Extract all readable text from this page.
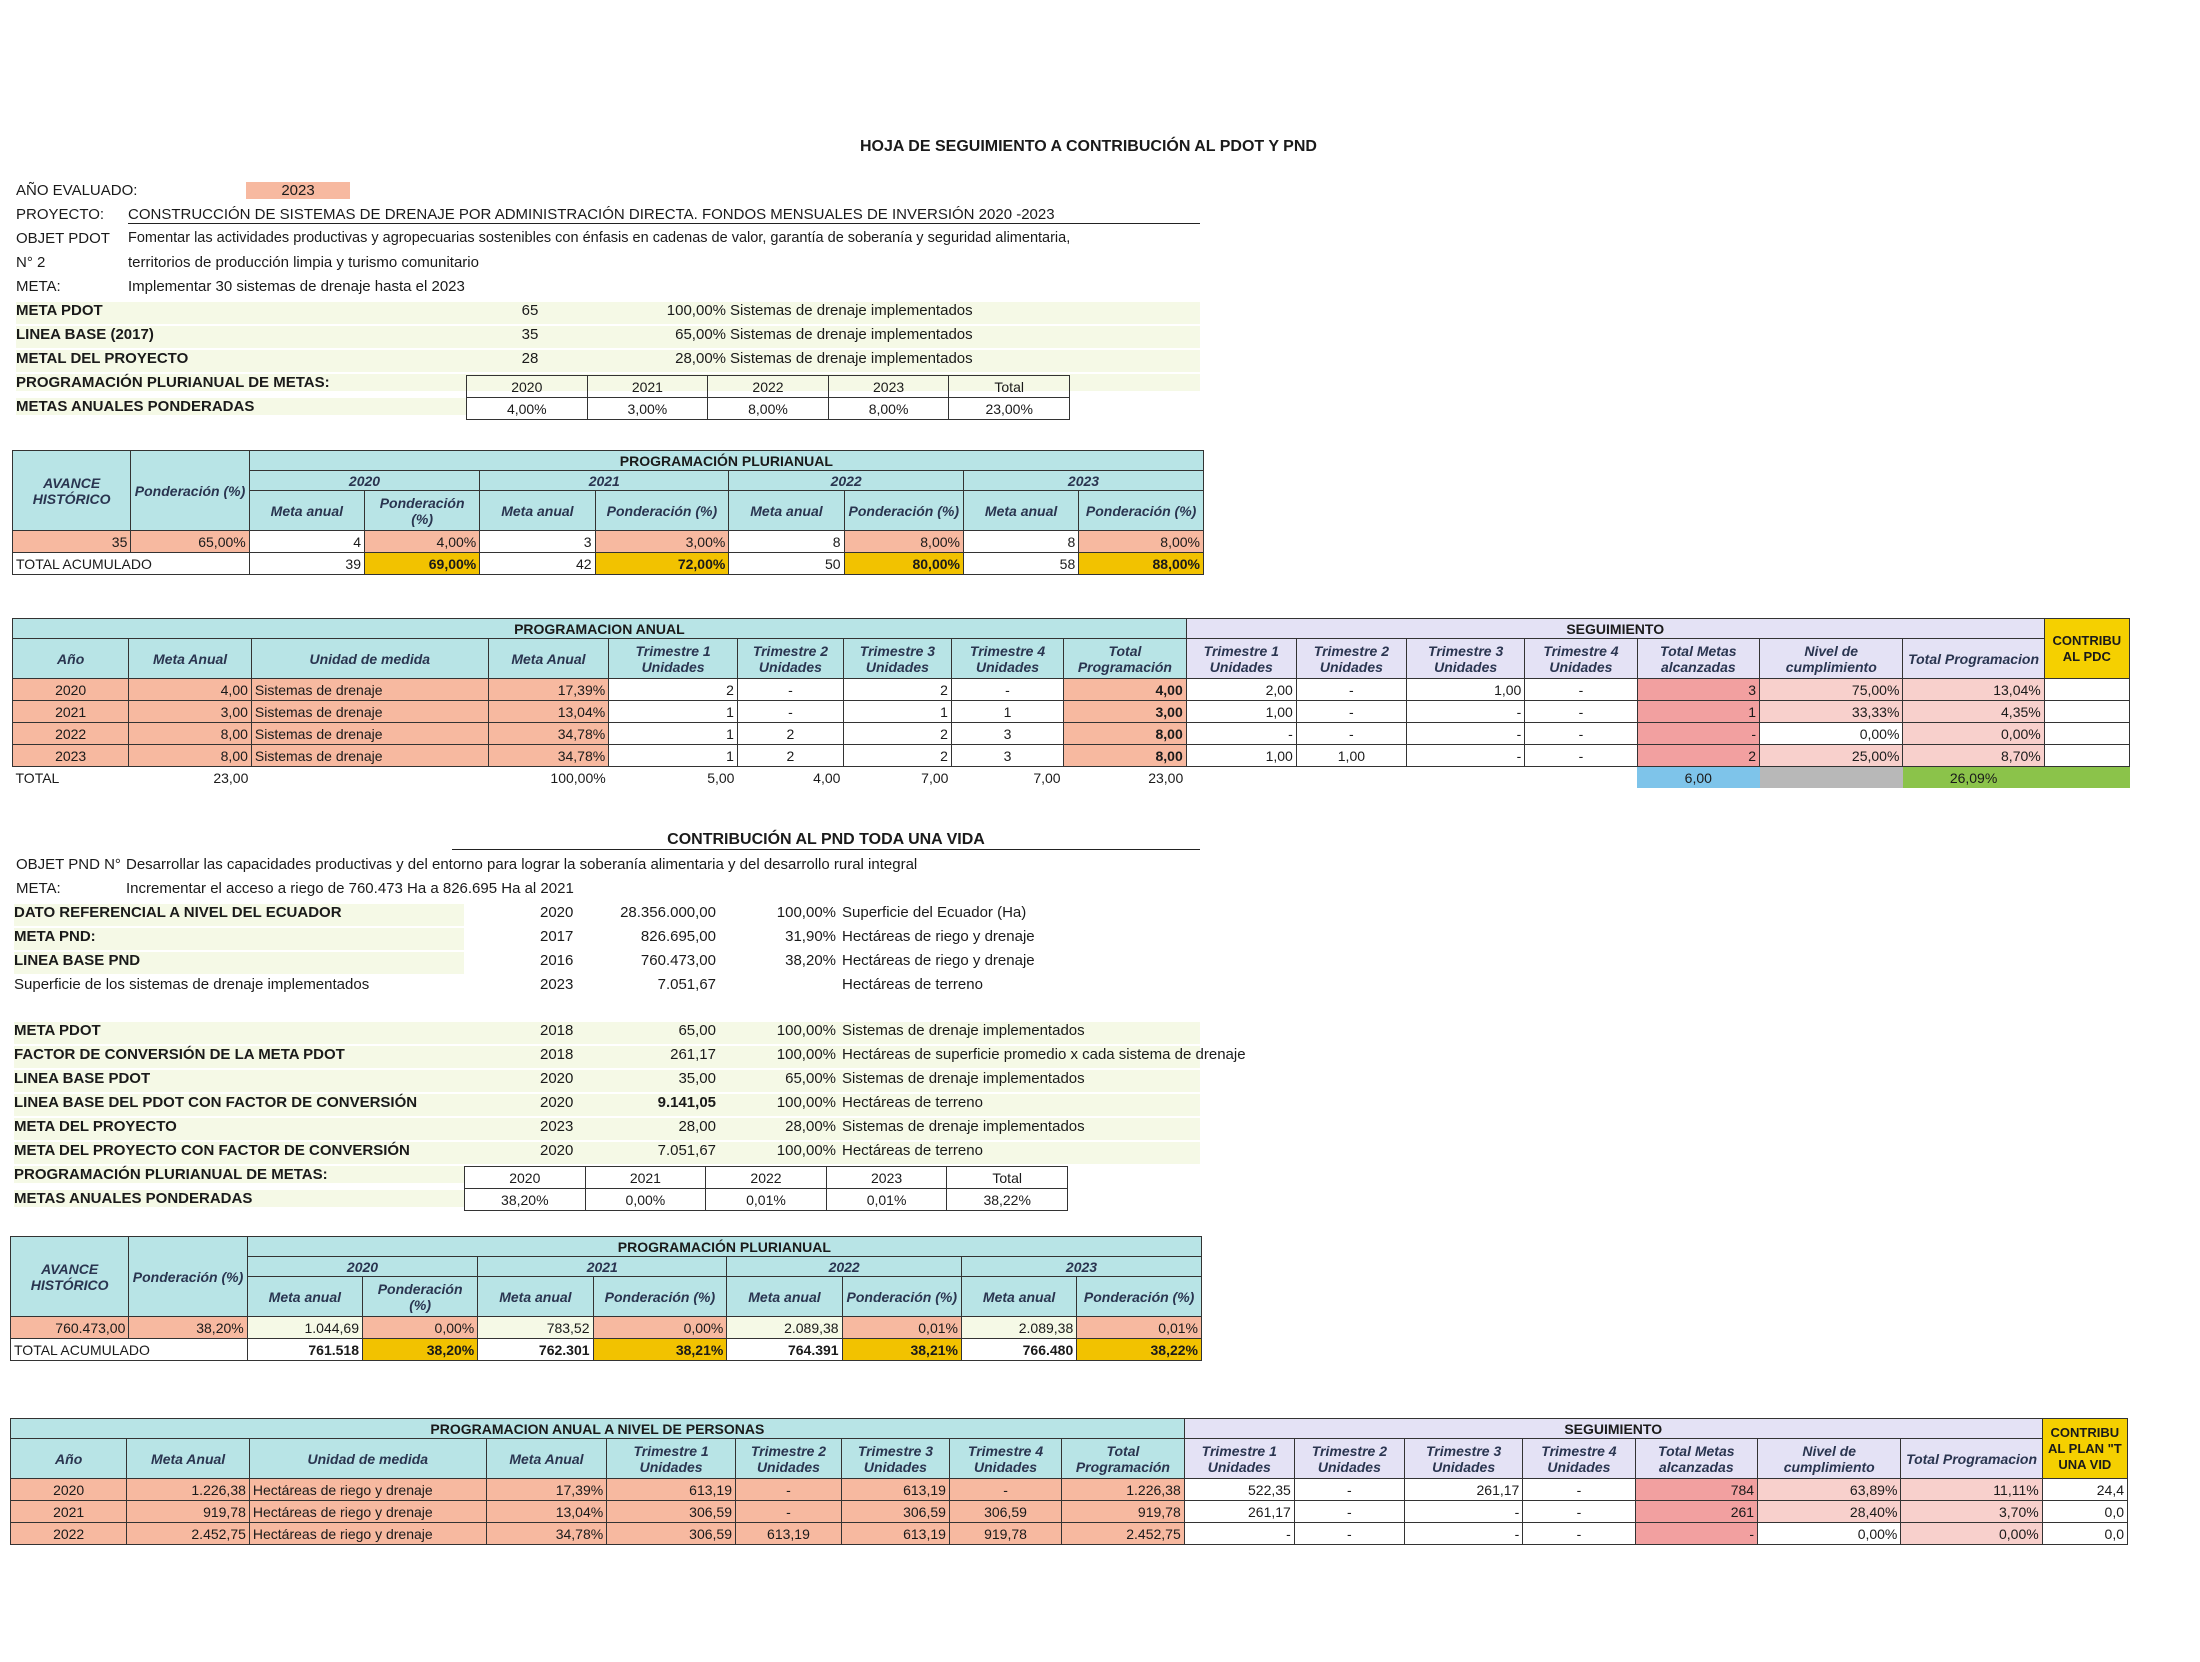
HOJA DE SEGUIMIENTO A CONTRIBUCIÓN AL PDOT Y PND
AÑO EVALUADO:	2023
PROYECTO: CONSTRUCCIÓN DE SISTEMAS DE DRENAJE POR ADMINISTRACIÓN DIRECTA. FONDOS MENSUALES DE INVERSIÓN 2020 -2023
OBJET PDOT Fomentar las actividades productivas y agropecuarias sostenibles con énfasis en cadenas de valor, garantía de soberanía y seguridad alimentaria,
N° 2	territorios de producción limpia y turismo comunitario
META:	Implementar 30 sistemas de drenaje hasta el 2023
META PDOT	65	100,00% Sistemas de drenaje implementados
LINEA BASE (2017)	35	65,00% Sistemas de drenaje implementados
METAL DEL PROYECTO	28	28,00% Sistemas de drenaje implementados
PROGRAMACIÓN PLURIANUAL DE METAS:
METAS ANUALES PONDERADAS
2020	2021	2022	2023	Total
4,00%	3,00%	8,00%	8,00%	23,00%
AVANCE HISTÓRICO	Ponderación (%)	PROGRAMACIÓN PLURIANUAL							
		2020		2021		2022		2023	
		Meta anual	Ponderación (%)	Meta anual	Ponderación (%)	Meta anual	Ponderación (%)	Meta anual	Ponderación (%)
35	65,00%	4	4,00%	3	3,00%	8	8,00%	8	8,00%
TOTAL ACUMULADO		39	69,00%	42	72,00%	50	80,00%	58	88,00%
PROGRAMACION ANUAL									SEGUIMIENTO							CONTRIBU AL PDC
Año	Meta Anual	Unidad de medida	Meta Anual	Trimestre 1 Unidades	Trimestre 2 Unidades	Trimestre 3 Unidades	Trimestre 4 Unidades	Total Programación	Trimestre 1 Unidades	Trimestre 2 Unidades	Trimestre 3 Unidades	Trimestre 4 Unidades	Total Metas alcanzadas	Nivel de cumplimiento	Total Programacion	
2020	4,00	Sistemas de drenaje	17,39%	2	-	2	-	4,00	2,00	-	1,00	-	3	75,00%	13,04%	
2021	3,00	Sistemas de drenaje	13,04%	1	-	1	1	3,00	1,00	-	-	-	1	33,33%	4,35%	
2022	8,00	Sistemas de drenaje	34,78%	1	2	2	3	8,00	-	-	-	-	-	0,00%	0,00%	
2023	8,00	Sistemas de drenaje	34,78%	1	2	2	3	8,00	1,00	1,00	-	-	2	25,00%	8,70%	
TOTAL	23,00		100,00%	5,00	4,00	7,00	7,00	23,00					6,00		26,09%	
CONTRIBUCIÓN AL PND TODA UNA VIDA
OBJET PND N° Desarrollar las capacidades productivas y del entorno para lograr la soberanía alimentaria y del desarrollo rural integral
META:	Incrementar el acceso a riego de 760.473 Ha a 826.695 Ha al 2021
DATO REFERENCIAL A NIVEL DEL ECUADOR	2020	28.356.000,00	100,00% Superficie del Ecuador (Ha)
META PND:	2017	826.695,00	31,90% Hectáreas de riego y drenaje
LINEA BASE PND	2016	760.473,00	38,20% Hectáreas de riego y drenaje
Superficie de los sistemas de drenaje implementados	2023	7.051,67	Hectáreas de terreno
META PDOT	2018	65,00	100,00% Sistemas de drenaje implementados
FACTOR DE CONVERSIÓN DE LA META PDOT	2018	261,17	100,00% Hectáreas de superficie promedio x cada sistema de drenaje
LINEA BASE PDOT	2020	35,00	65,00% Sistemas de drenaje implementados
LINEA BASE DEL PDOT CON FACTOR DE CONVERSIÓN	2020	9.141,05	100,00% Hectáreas de terreno
META DEL PROYECTO	2023	28,00	28,00% Sistemas de drenaje implementados
META DEL PROYECTO CON FACTOR DE CONVERSIÓN	2020	7.051,67	100,00% Hectáreas de terreno
PROGRAMACIÓN PLURIANUAL DE METAS:
METAS ANUALES PONDERADAS
2020	2021	2022	2023	Total
38,20%	0,00%	0,01%	0,01%	38,22%
AVANCE HISTÓRICO	Ponderación (%)	PROGRAMACIÓN PLURIANUAL							
		2020		2021		2022		2023	
		Meta anual	Ponderación (%)	Meta anual	Ponderación (%)	Meta anual	Ponderación (%)	Meta anual	Ponderación (%)
760.473,00	38,20%	1.044,69	0,00%	783,52	0,00%	2.089,38	0,01%	2.089,38	0,01%
TOTAL ACUMULADO		761.518	38,20%	762.301	38,21%	764.391	38,21%	766.480	38,22%
PROGRAMACION ANUAL A NIVEL DE PERSONAS									SEGUIMIENTO							CONTRIBU AL PLAN "T UNA VID
Año	Meta Anual	Unidad de medida	Meta Anual	Trimestre 1 Unidades	Trimestre 2 Unidades	Trimestre 3 Unidades	Trimestre 4 Unidades	Total Programación	Trimestre 1 Unidades	Trimestre 2 Unidades	Trimestre 3 Unidades	Trimestre 4 Unidades	Total Metas alcanzadas	Nivel de cumplimiento	Total Programacion	
2020	1.226,38	Hectáreas de riego y drenaje	17,39%	613,19	-	613,19	-	1.226,38	522,35	-	261,17	-	784	63,89%	11,11%	24,4
2021	919,78	Hectáreas de riego y drenaje	13,04%	306,59	-	306,59	306,59	919,78	261,17	-	-	-	261	28,40%	3,70%	0,0
2022	2.452,75	Hectáreas de riego y drenaje	34,78%	306,59	613,19	613,19	919,78	2.452,75	-	-	-	-	-	0,00%	0,00%	0,0
